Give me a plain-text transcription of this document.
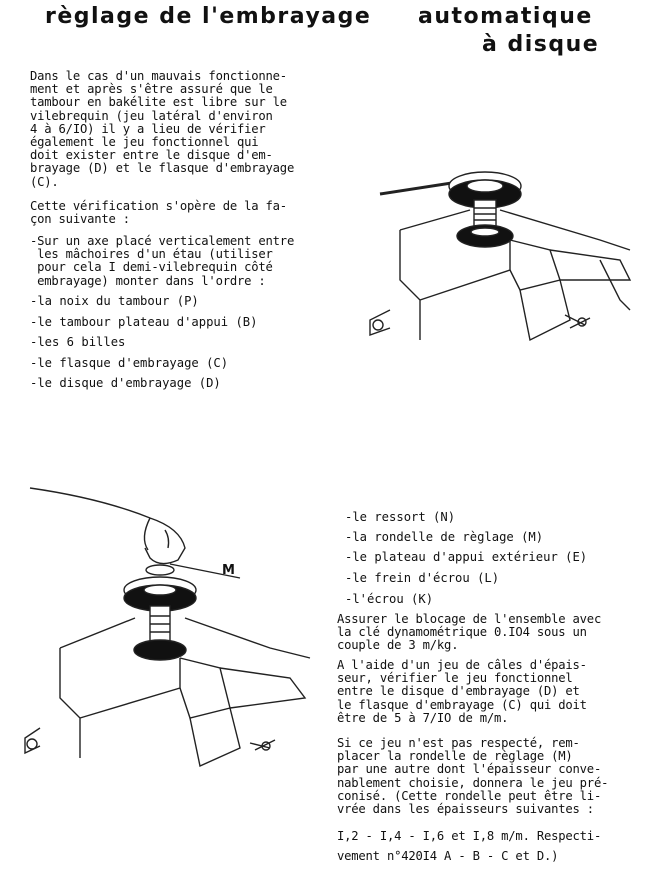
règlage de l'embrayage automatique
à disque
Dans le cas d'un mauvais fonctionne-
ment et après s'être assuré que le
tambour en bakélite est libre sur le
vilebrequin (jeu latéral d'environ
4 à 6/IO) il y a lieu de vérifier
également le jeu fonctionnel qui
doit exister entre le disque d'em-
brayage (D) et le flasque d'embrayage
(C).
Cette vérification s'opère de la fa-
çon suivante :
-Sur un axe placé verticalement entre
les mâchoires d'un étau (utiliser
pour cela I demi-vilebrequin côté
embrayage) monter dans l'ordre :
-la noix du tambour (P)
-le tambour plateau d'appui (B)
-les 6 billes
-le flasque d'embrayage (C)
-le disque d'embrayage (D)
M
-le ressort (N)
-la rondelle de règlage (M)
-le plateau d'appui extérieur (E)
-le frein d'écrou (L)
-l'écrou (K)
Assurer le blocage de l'ensemble avec
la clé dynamométrique 0.IO4 sous un
couple de 3 m/kg.
A l'aide d'un jeu de câles d'épais-
seur, vérifier le jeu fonctionnel
entre le disque d'embrayage (D) et
le flasque d'embrayage (C) qui doit
être de 5 à 7/IO de m/m.
Si ce jeu n'est pas respecté, rem-
placer la rondelle de règlage (M)
par une autre dont l'épaisseur conve-
nablement choisie, donnera le jeu pré-
conisé. (Cette rondelle peut être li-
vrée dans les épaisseurs suivantes :
I,2 - I,4 - I,6 et I,8 m/m. Respecti-
vement n°420I4 A - B - C et D.)
